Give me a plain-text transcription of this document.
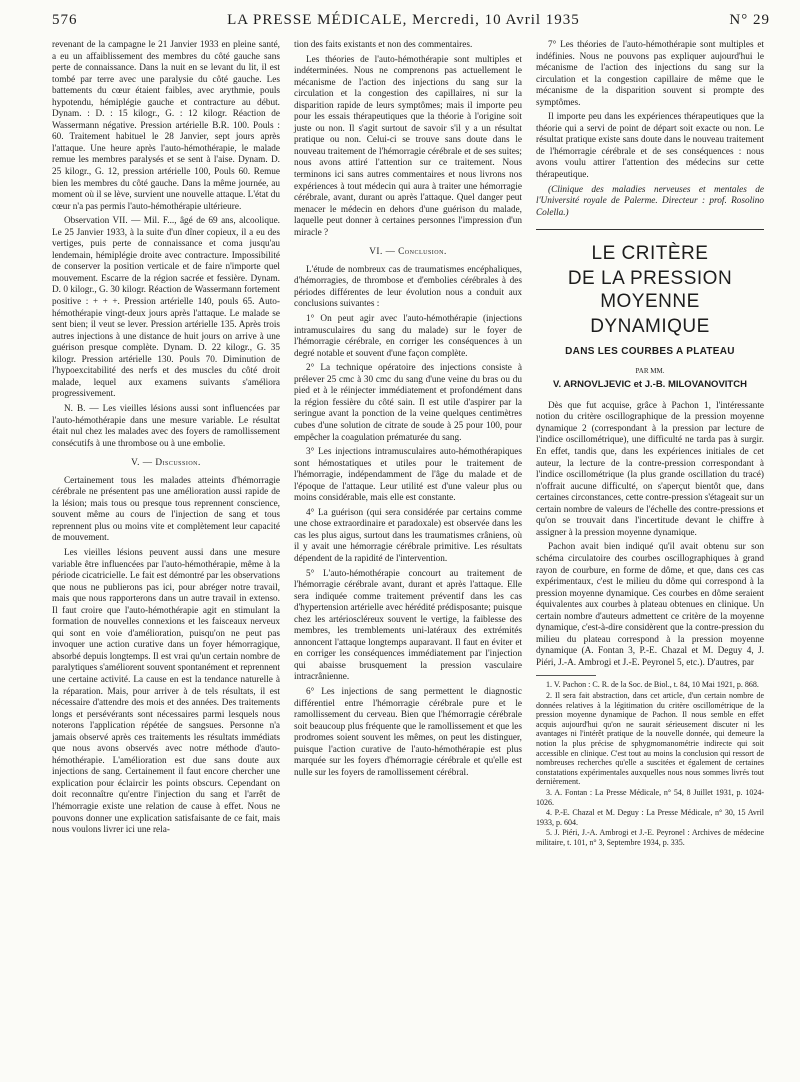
576	LA PRESSE MÉDICALE, Mercredi, 10 Avril 1935	N° 29

revenant de la campagne le 21 Janvier 1933 en pleine santé, a eu un affaiblissement des membres du côté gauche sans perte de connaissance. Dans la nuit en se levant du lit, il est tombé par terre avec une paralysie du côté gauche. Les battements du cœur étaient faibles, avec arythmie, pouls hypotendu, hémiplégie gauche et contracture au début. Dynam. : D. : 15 kilogr., G. : 12 kilogr. Réaction de Wassermann négative. Pression artérielle B.R. 100. Pouls : 60. Traitement habituel le 28 Janvier, sept jours après l'attaque. Une heure après l'auto-hémothérapie, le malade remue les membres paralysés et se sent à l'aise. Dynam. D. 25 kilogr., G. 12, pression artérielle 100, Pouls 60. Remue bien les membres du côté gauche. Dans la même journée, au moment où il se lève, survient une nouvelle attaque. L'état du cœur n'a pas permis l'auto-hémothérapie ultérieure.

Observation VII. — Mil. F..., âgé de 69 ans, alcoolique. Le 25 Janvier 1933, à la suite d'un dîner copieux, il a eu des vertiges, puis perte de connaissance et coma jusqu'au lendemain, hémiplégie droite avec contracture. Impossibilité de conserver la position verticale et de faire n'importe quel mouvement. Escarre de la région sacrée et fessière. Dynam. D. 0 kilogr., G. 30 kilogr. Réaction de Wassermann fortement positive : + + +. Pression artérielle 140, pouls 65. Auto-hémothérapie vingt-deux jours après l'attaque. Le malade se sent bien; il veut se lever. Pression artérielle 135. Après trois autres injections à une distance de huit jours on arrive à une guérison presque complète. Dynam. D. 22 kilogr., G. 35 kilogr. Pression artérielle 130. Pouls 70. Diminution de l'hypoexcitabilité des nerfs et des muscles du côté droit malade, lequel aux examens suivants s'améliora progressivement.

N. B. — Les vieilles lésions aussi sont influencées par l'auto-hémothérapie dans une mesure variable. Le résultat était nul chez les malades avec des foyers de ramollissement consécutifs à une thrombose ou à une embolie.

V. — Discussion.

Certainement tous les malades atteints d'hémorragie cérébrale ne présentent pas une amélioration aussi rapide de la lésion; mais tous ou presque tous reprennent conscience, souvent même au cours de l'injection de sang et tous reprennent plus ou moins vite et complètement leur capacité de mouvement.

Les vieilles lésions peuvent aussi dans une mesure variable être influencées par l'auto-hémothérapie, même à la période cicatricielle. Le fait est démontré par les observations que nous ne publierons pas ici, pour abréger notre travail, mais que nous rapporterons dans un autre travail in extenso. Il faut croire que l'auto-hémothérapie agit en stimulant la formation de nouvelles connexions et les faisceaux nerveux qui sont en voie d'amélioration, puisqu'on ne peut pas invoquer une action curative dans un foyer hémorragique, absorbé depuis longtemps. Il est vrai qu'un certain nombre de paralytiques s'améliorent souvent spontanément et reprennent une certaine activité. La cause en est la tendance naturelle à la réparation. Mais, pour arriver à de tels résultats, il est nécessaire d'attendre des mois et des années. Des traitements longs et persévérants sont nécessaires parmi lesquels nous noterons l'application répétée de sangsues. Personne n'a jamais observé après ces traitements les résultats immédiats que nous avons observés avec notre méthode d'auto-hémothérapie. L'amélioration est due sans doute aux injections de sang. Certainement il faut encore chercher une explication pour éclaircir les points obscurs. Cependant on doit reconnaître qu'entre l'injection du sang et l'arrêt de l'hémorragie existe une relation de cause à effet. Nous ne pouvons donner une explication satisfaisante de ce fait, mais nous voulons livrer ici une rela-

tion des faits existants et non des commentaires.

Les théories de l'auto-hémothérapie sont multiples et indéterminées. Nous ne comprenons pas actuellement le mécanisme de l'action des injections du sang sur la circulation et la congestion des capillaires, ni sur la disparition rapide de leurs symptômes; mais il importe peu pour les essais thérapeutiques que la théorie à l'origine soit juste ou non. Il s'agit surtout de savoir s'il y a un résultat pratique ou non. Celui-ci se trouve sans doute dans le nouveau traitement de l'hémorragie cérébrale et de ses suites; nous avons attiré l'attention sur ce traitement. Nous terminons ici sans autres commentaires et nous livrons nos expériences à tout médecin qui aura à traiter une hémorragie cérébrale, avant, durant ou après l'attaque. Quel danger peut menacer le médecin en dehors d'une guérison du malade, laquelle peut donner à certaines personnes l'impression d'un miracle ?

VI. — Conclusion.

L'étude de nombreux cas de traumatismes encéphaliques, d'hémorragies, de thrombose et d'embolies cérébrales à des périodes différentes de leur évolution nous a conduit aux conclusions suivantes :

1° On peut agir avec l'auto-hémothérapie (injections intramusculaires du sang du malade) sur le foyer de l'hémorragie cérébrale, en corriger les conséquences à un degré notable et souvent d'une façon complète.

2° La technique opératoire des injections consiste à prélever 25 cmc à 30 cmc du sang d'une veine du bras ou du pied et à le réinjecter immédiatement et profondément dans la région fessière du côté sain. Il est utile d'aspirer par la seringue avant la ponction de la veine quelques centimètres cubes d'une solution de citrate de soude à 25 pour 100, pour empêcher la coagulation prématurée du sang.

3° Les injections intramusculaires auto-hémothérapiques sont hémostatiques et utiles pour le traitement de l'hémorragie, indépendamment de l'âge du malade et de l'époque de l'attaque. Leur utilité est d'une valeur plus ou moins considérable, mais elle est constante.

4° La guérison (qui sera considérée par certains comme une chose extraordinaire et paradoxale) est observée dans les cas les plus aigus, surtout dans les traumatismes crâniens, où il y avait une hémorragie cérébrale primitive. Les résultats dépendent de la rapidité de l'intervention.

5° L'auto-hémothérapie concourt au traitement de l'hémorragie cérébrale avant, durant et après l'attaque. Elle sera indiquée comme traitement préventif dans les cas d'hypertension artérielle avec hérédité prédisposante; puisque chez les artérioscléreux souvent le vertige, la faiblesse des membres, les tremblements uni-latéraux des extrémités annoncent l'attaque longtemps auparavant. Il faut en éviter et en corriger les conséquences immédiatement par l'injection qui abaisse brusquement la pression vasculaire intracrânienne.

6° Les injections de sang permettent le diagnostic différentiel entre l'hémorragie cérébrale pure et le ramollissement du cerveau. Bien que l'hémorragie cérébrale soit beaucoup plus fréquente que le ramollissement et que les prodromes soient souvent les mêmes, on peut les distinguer, puisque l'action curative de l'auto-hémothérapie est plus marquée sur les foyers d'hémorragie cérébrale et qu'elle est nulle sur les foyers de ramollissement cérébral.

7° Les théories de l'auto-hémothérapie sont multiples et indéfinies. Nous ne pouvons pas expliquer aujourd'hui le mécanisme de l'action des injections du sang sur la circulation et la congestion capillaire de même que le mécanisme de la disparition souvent si prompte des symptômes.

Il importe peu dans les expériences thérapeutiques que la théorie qui a servi de point de départ soit exacte ou non. Le résultat pratique existe sans doute dans le nouveau traitement de l'hémorragie cérébrale et de ses conséquences : nous avons voulu attirer l'attention des médecins sur cette thérapeutique.

(Clinique des maladies nerveuses et mentales de l'Université royale de Palerme. Directeur : prof. Rosolino Colella.)

LE CRITÈRE
DE LA PRESSION MOYENNE
DYNAMIQUE
DANS LES COURBES A PLATEAU
PAR MM.
V. ARNOVLJEVIC et J.-B. MILOVANOVITCH

Dès que fut acquise, grâce à Pachon 1, l'intéressante notion du critère oscillographique de la pression moyenne dynamique 2 (correspondant à la pression par lecture de l'indice oscillométrique), une difficulté ne tarda pas à surgir. En effet, tandis que, dans les expériences initiales de cet auteur, la lecture de la contre-pression correspondant à l'indice oscillométrique (la plus grande oscillation du tracé) n'offrait aucune difficulté, on s'aperçut bientôt que, dans certaines circonstances, cette contre-pression s'étageait sur un certain nombre de valeurs de l'échelle des contre-pressions et qu'on se trouvait dans l'incertitude devant le chiffre à assigner à la pression moyenne dynamique.

Pachon avait bien indiqué qu'il avait obtenu sur son schéma circulatoire des courbes oscillographiques à grand rayon de courbure, en forme de dôme, et que, dans ces cas expérimentaux, c'est le milieu du dôme qui correspond à la pression moyenne dynamique. Ces courbes en dôme seraient équivalentes aux courbes à plateau obtenues en clinique. Un certain nombre d'auteurs admettent ce critère de la moyenne dynamique, c'est-à-dire considèrent que la contre-pression du milieu du plateau correspond à la pression moyenne dynamique (A. Fontan 3, P.-E. Chazal et M. Deguy 4, J. Piéri, J.-A. Ambrogi et J.-E. Peyronel 5, etc.). D'autres, par

1. V. Pachon : C. R. de la Soc. de Biol., t. 84, 10 Mai 1921, p. 868.

2. Il sera fait abstraction, dans cet article, d'un certain nombre de données relatives à la légitimation du critère oscillométrique de la pression moyenne dynamique de Pachon. Il nous semble en effet acquis aujourd'hui qu'on ne saurait sérieusement discuter ni les avantages ni l'intérêt pratique de la nouvelle donnée, qui demeure la notion la plus précise de sphygmomanométrie indirecte qui soit accessible en clinique. C'est tout au moins la conclusion qui ressort de nombreuses recherches qu'elle a suscitées et également de certaines constatations expérimentales auxquelles nous nous sommes livrés tout dernièrement.

3. A. Fontan : La Presse Médicale, n° 54, 8 Juillet 1931, p. 1024-1026.

4. P.-E. Chazal et M. Deguy : La Presse Médicale, n° 30, 15 Avril 1933, p. 604.

5. J. Piéri, J.-A. Ambrogi et J.-E. Peyronel : Archives de médecine militaire, t. 101, n° 3, Septembre 1934, p. 335.
